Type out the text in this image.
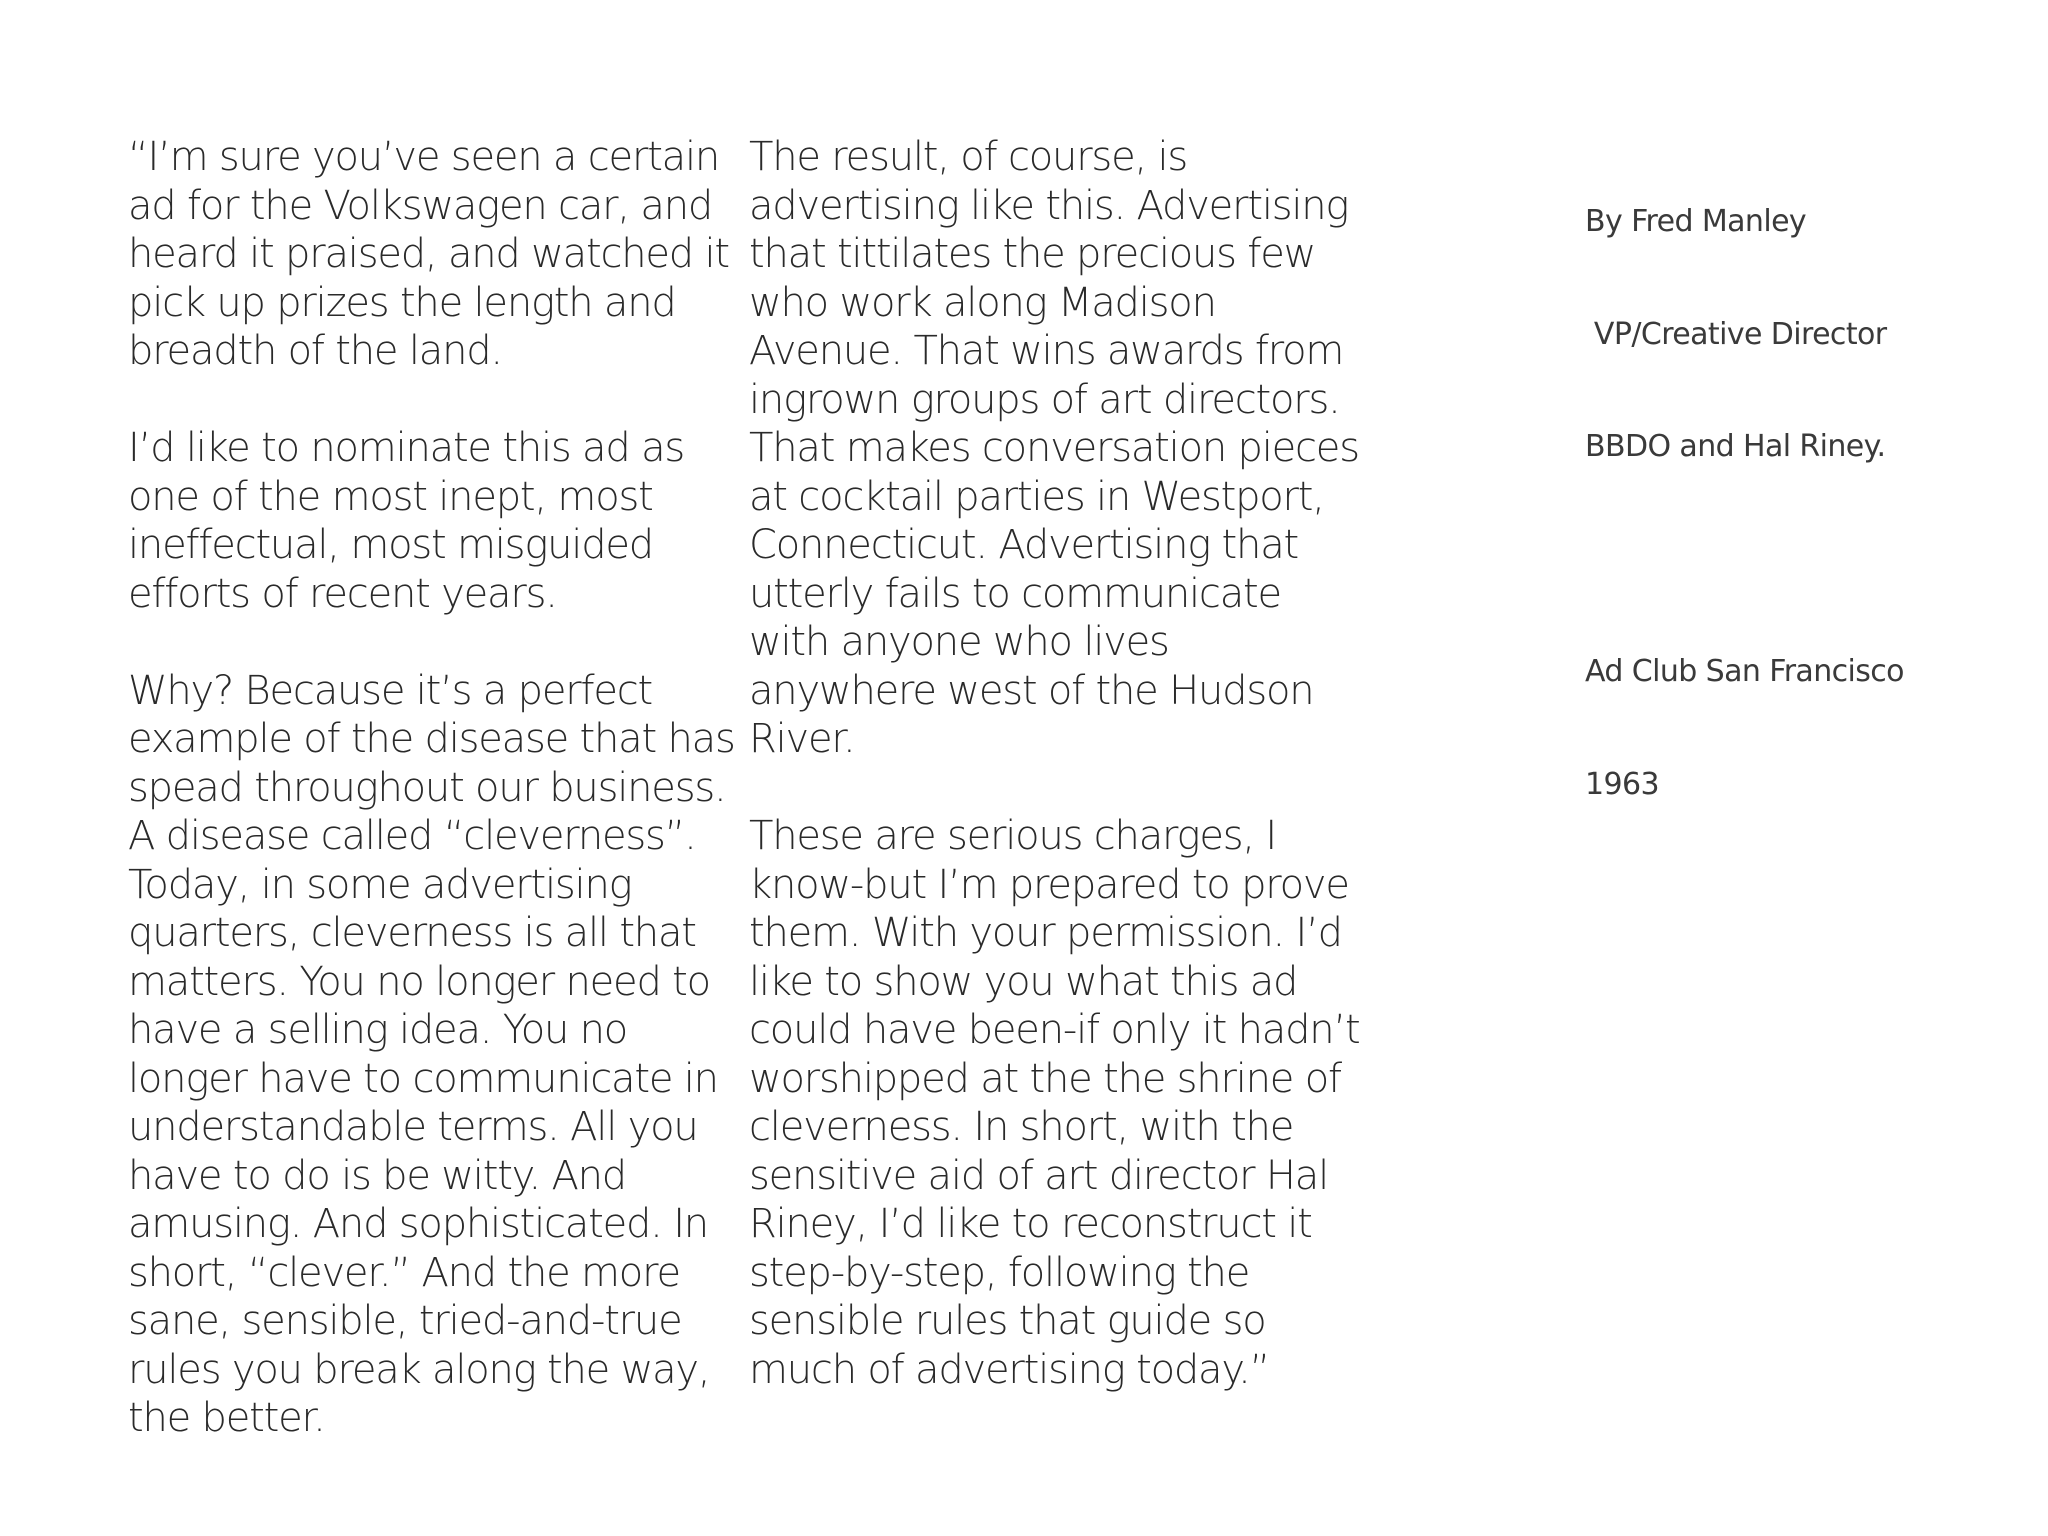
“I’m sure you’ve seen a certain
ad for the Volkswagen car, and
heard it praised, and watched it
pick up prizes the length and
breadth of the land.

I’d like to nominate this ad as
one of the most inept, most
ineffectual, most misguided
efforts of recent years.

Why? Because it’s a perfect
example of the disease that has
spead throughout our business.
A disease called “cleverness”.
Today, in some advertising
quarters, cleverness is all that
matters. You no longer need to
have a selling idea. You no
longer have to communicate in
understandable terms. All you
have to do is be witty. And
amusing. And sophisticated. In
short, “clever.” And the more
sane, sensible, tried-and-true
rules you break along the way,
the better.

The result, of course, is
advertising like this. Advertising
that tittilates the precious few
who work along Madison
Avenue. That wins awards from
ingrown groups of art directors.
That makes conversation pieces
at cocktail parties in Westport,
Connecticut. Advertising that
utterly fails to communicate
with anyone who lives
anywhere west of the Hudson
River.

These are serious charges, I
know-but I’m prepared to prove
them. With your permission. I’d
like to show you what this ad
could have been-if only it hadn’t
worshipped at the the shrine of
cleverness. In short, with the
sensitive aid of art director Hal
Riney, I’d like to reconstruct it
step-by-step, following the
sensible rules that guide so
much of advertising today.”

By Fred Manley

VP/Creative Director

BBDO and Hal Riney.

Ad Club San Francisco

1963
